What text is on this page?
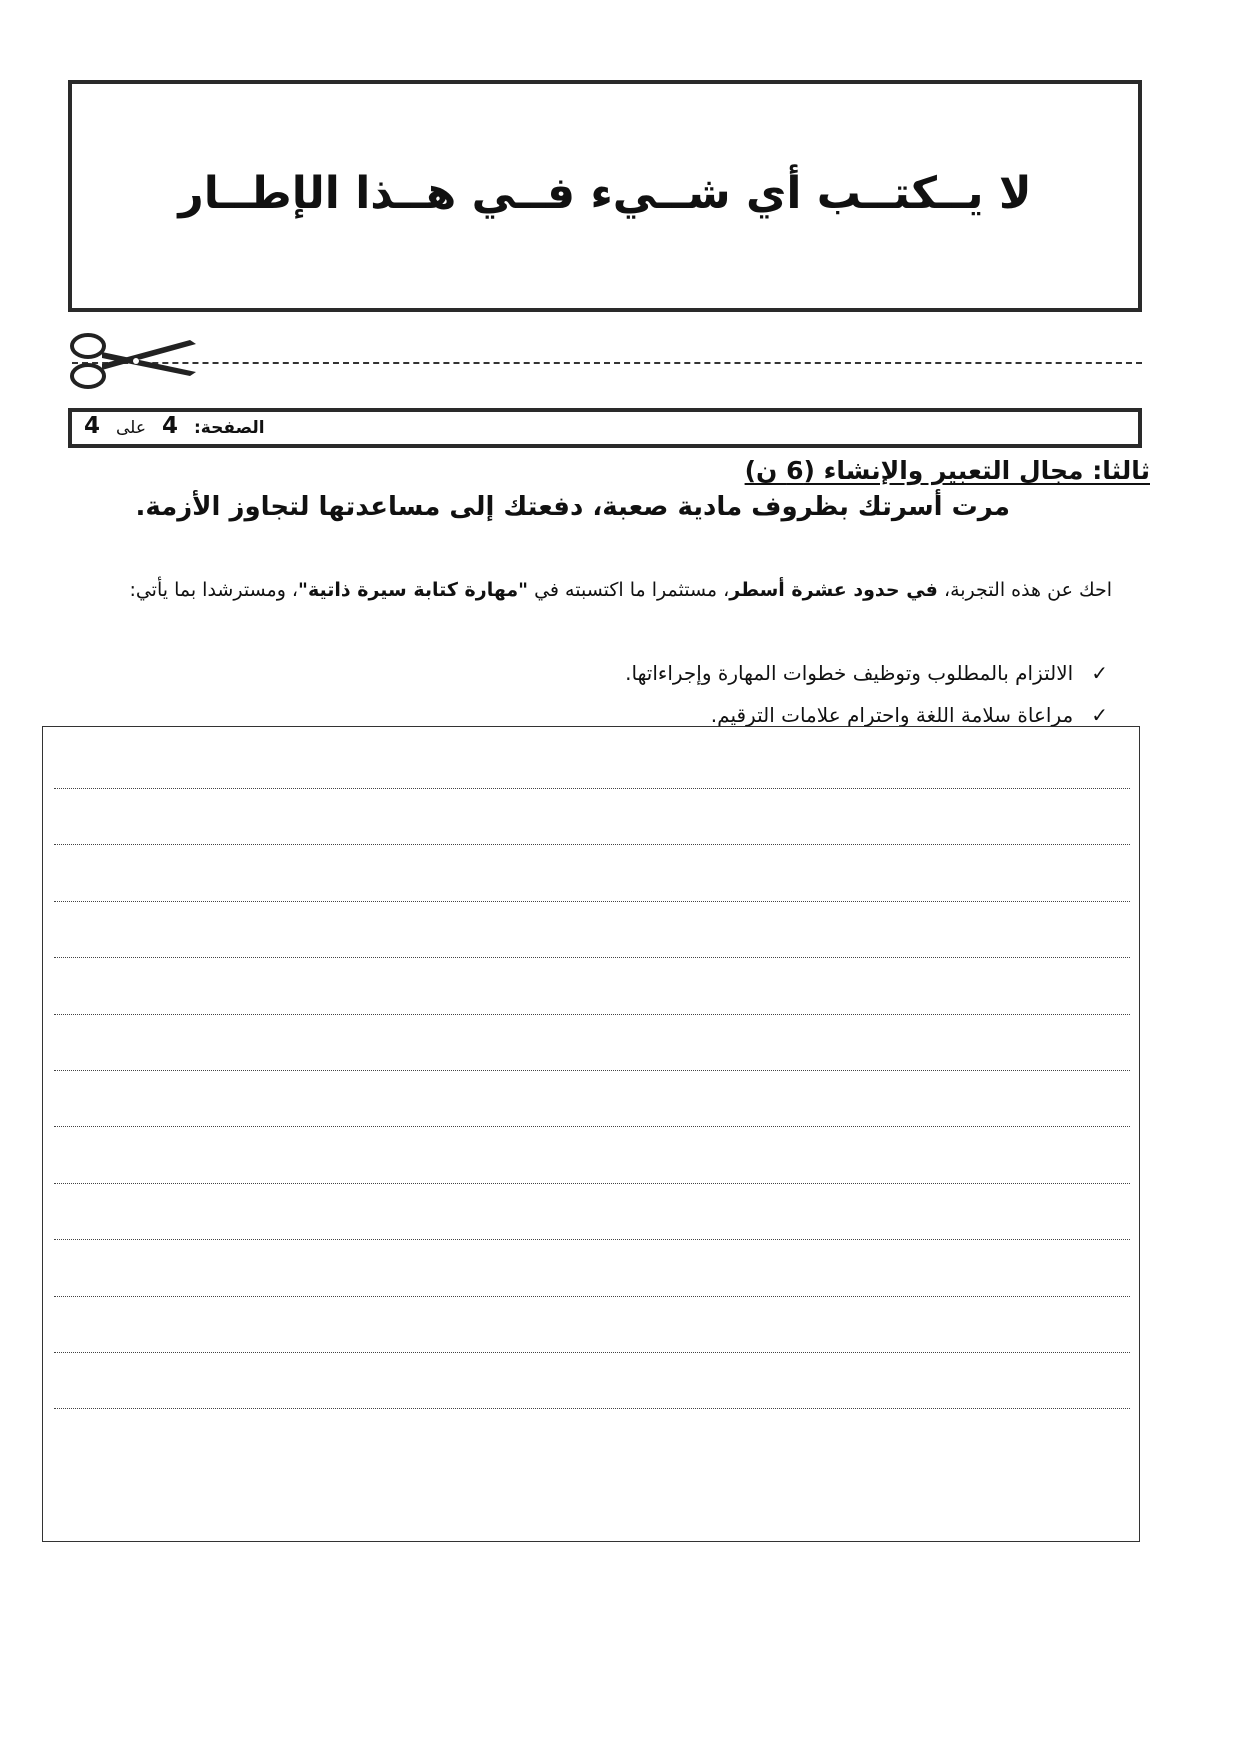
لا يــكتــب أي شــيء فــي هــذا الإطــار
الصفحة:
4
على
4
ثالثا: مجال التعبير والإنشاء (6 ن)
مرت أسرتك بظروف مادية صعبة، دفعتك إلى مساعدتها لتجاوز الأزمة.
احك عن هذه التجربة، في حدود عشرة أسطر، مستثمرا ما اكتسبته في "مهارة كتابة سيرة ذاتية"، ومسترشدا بما يأتي:
✓
الالتزام بالمطلوب وتوظيف خطوات المهارة وإجراءاتها.
✓
مراعاة سلامة اللغة واحترام علامات الترقيم.
